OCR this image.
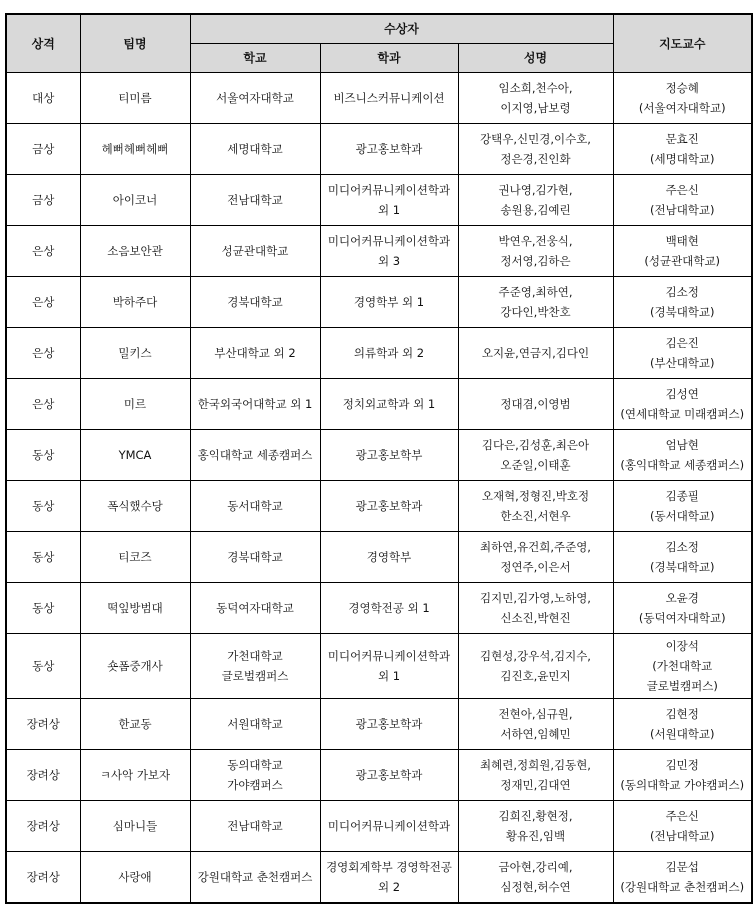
상격	팀명	수상자			지도교수
		학교	학과	성명	
대상	티미름	서울여자대학교	비즈니스커뮤니케이션	임소희,천수아,
이지영,남보령	정승혜
(서울여자대학교)
금상	헤뻐헤뻐헤뻐	세명대학교	광고홍보학과	강택우,신민경,이수호,
정은경,진인화	문효진
(세명대학교)
금상	아이코너	전남대학교	미디어커뮤니케이션학과
외 1	권나영,김가현,
송원용,김예린	주은신
(전남대학교)
은상	소음보안관	성균관대학교	미디어커뮤니케이션학과
외 3	박연우,전웅식,
정서영,김하은	백태현
(성균관대학교)
은상	박하주다	경북대학교	경영학부 외 1	주준영,최하연,
강다인,박찬호	김소정
(경북대학교)
은상	밀키스	부산대학교 외 2	의류학과 외 2	오지윤,연금지,김다인	김은진
(부산대학교)
은상	미르	한국외국어대학교 외 1	정치외교학과 외 1	정대겸,이영범	김성연
(연세대학교 미래캠퍼스)
동상	YMCA	홍익대학교 세종캠퍼스	광고홍보학부	김다은,김성훈,최은아
오준일,이태훈	엄남현
(홍익대학교 세종캠퍼스)
동상	폭식했수당	동서대학교	광고홍보학과	오재혁,정형진,박호정
한소진,서현우	김종필
(동서대학교)
동상	티코즈	경북대학교	경영학부	최하연,유건희,주준영,
정연주,이은서	김소정
(경북대학교)
동상	떡잎방범대	동덕여자대학교	경영학전공 외 1	김지민,김가영,노하영,
신소진,박현진	오윤경
(동덕여자대학교)
동상	숏폼중개사	가천대학교 글로벌캠퍼스	미디어커뮤니케이션학과
외 1	김현성,강우석,김지수,
김진호,윤민지	이장석
(가천대학교
글로벌캠퍼스)
장려상	한교동	서원대학교	광고홍보학과	전현아,심규원,
서하연,임혜민	김현정
(서원대학교)
장려상	ㅋ사악 가보자	동의대학교
가야캠퍼스	광고홍보학과	최혜련,정희원,김동현,
정재민,김대연	김민정
(동의대학교 가야캠퍼스)
장려상	심마니들	전남대학교	미디어커뮤니케이션학과	김희진,황현정,
황유진,임백	주은신
(전남대학교)
장려상	사랑애	강원대학교 춘천캠퍼스	경영회계학부 경영학전공
외 2	금아현,강리예,
심정현,허수연	김문섭
(강원대학교 춘천캠퍼스)
